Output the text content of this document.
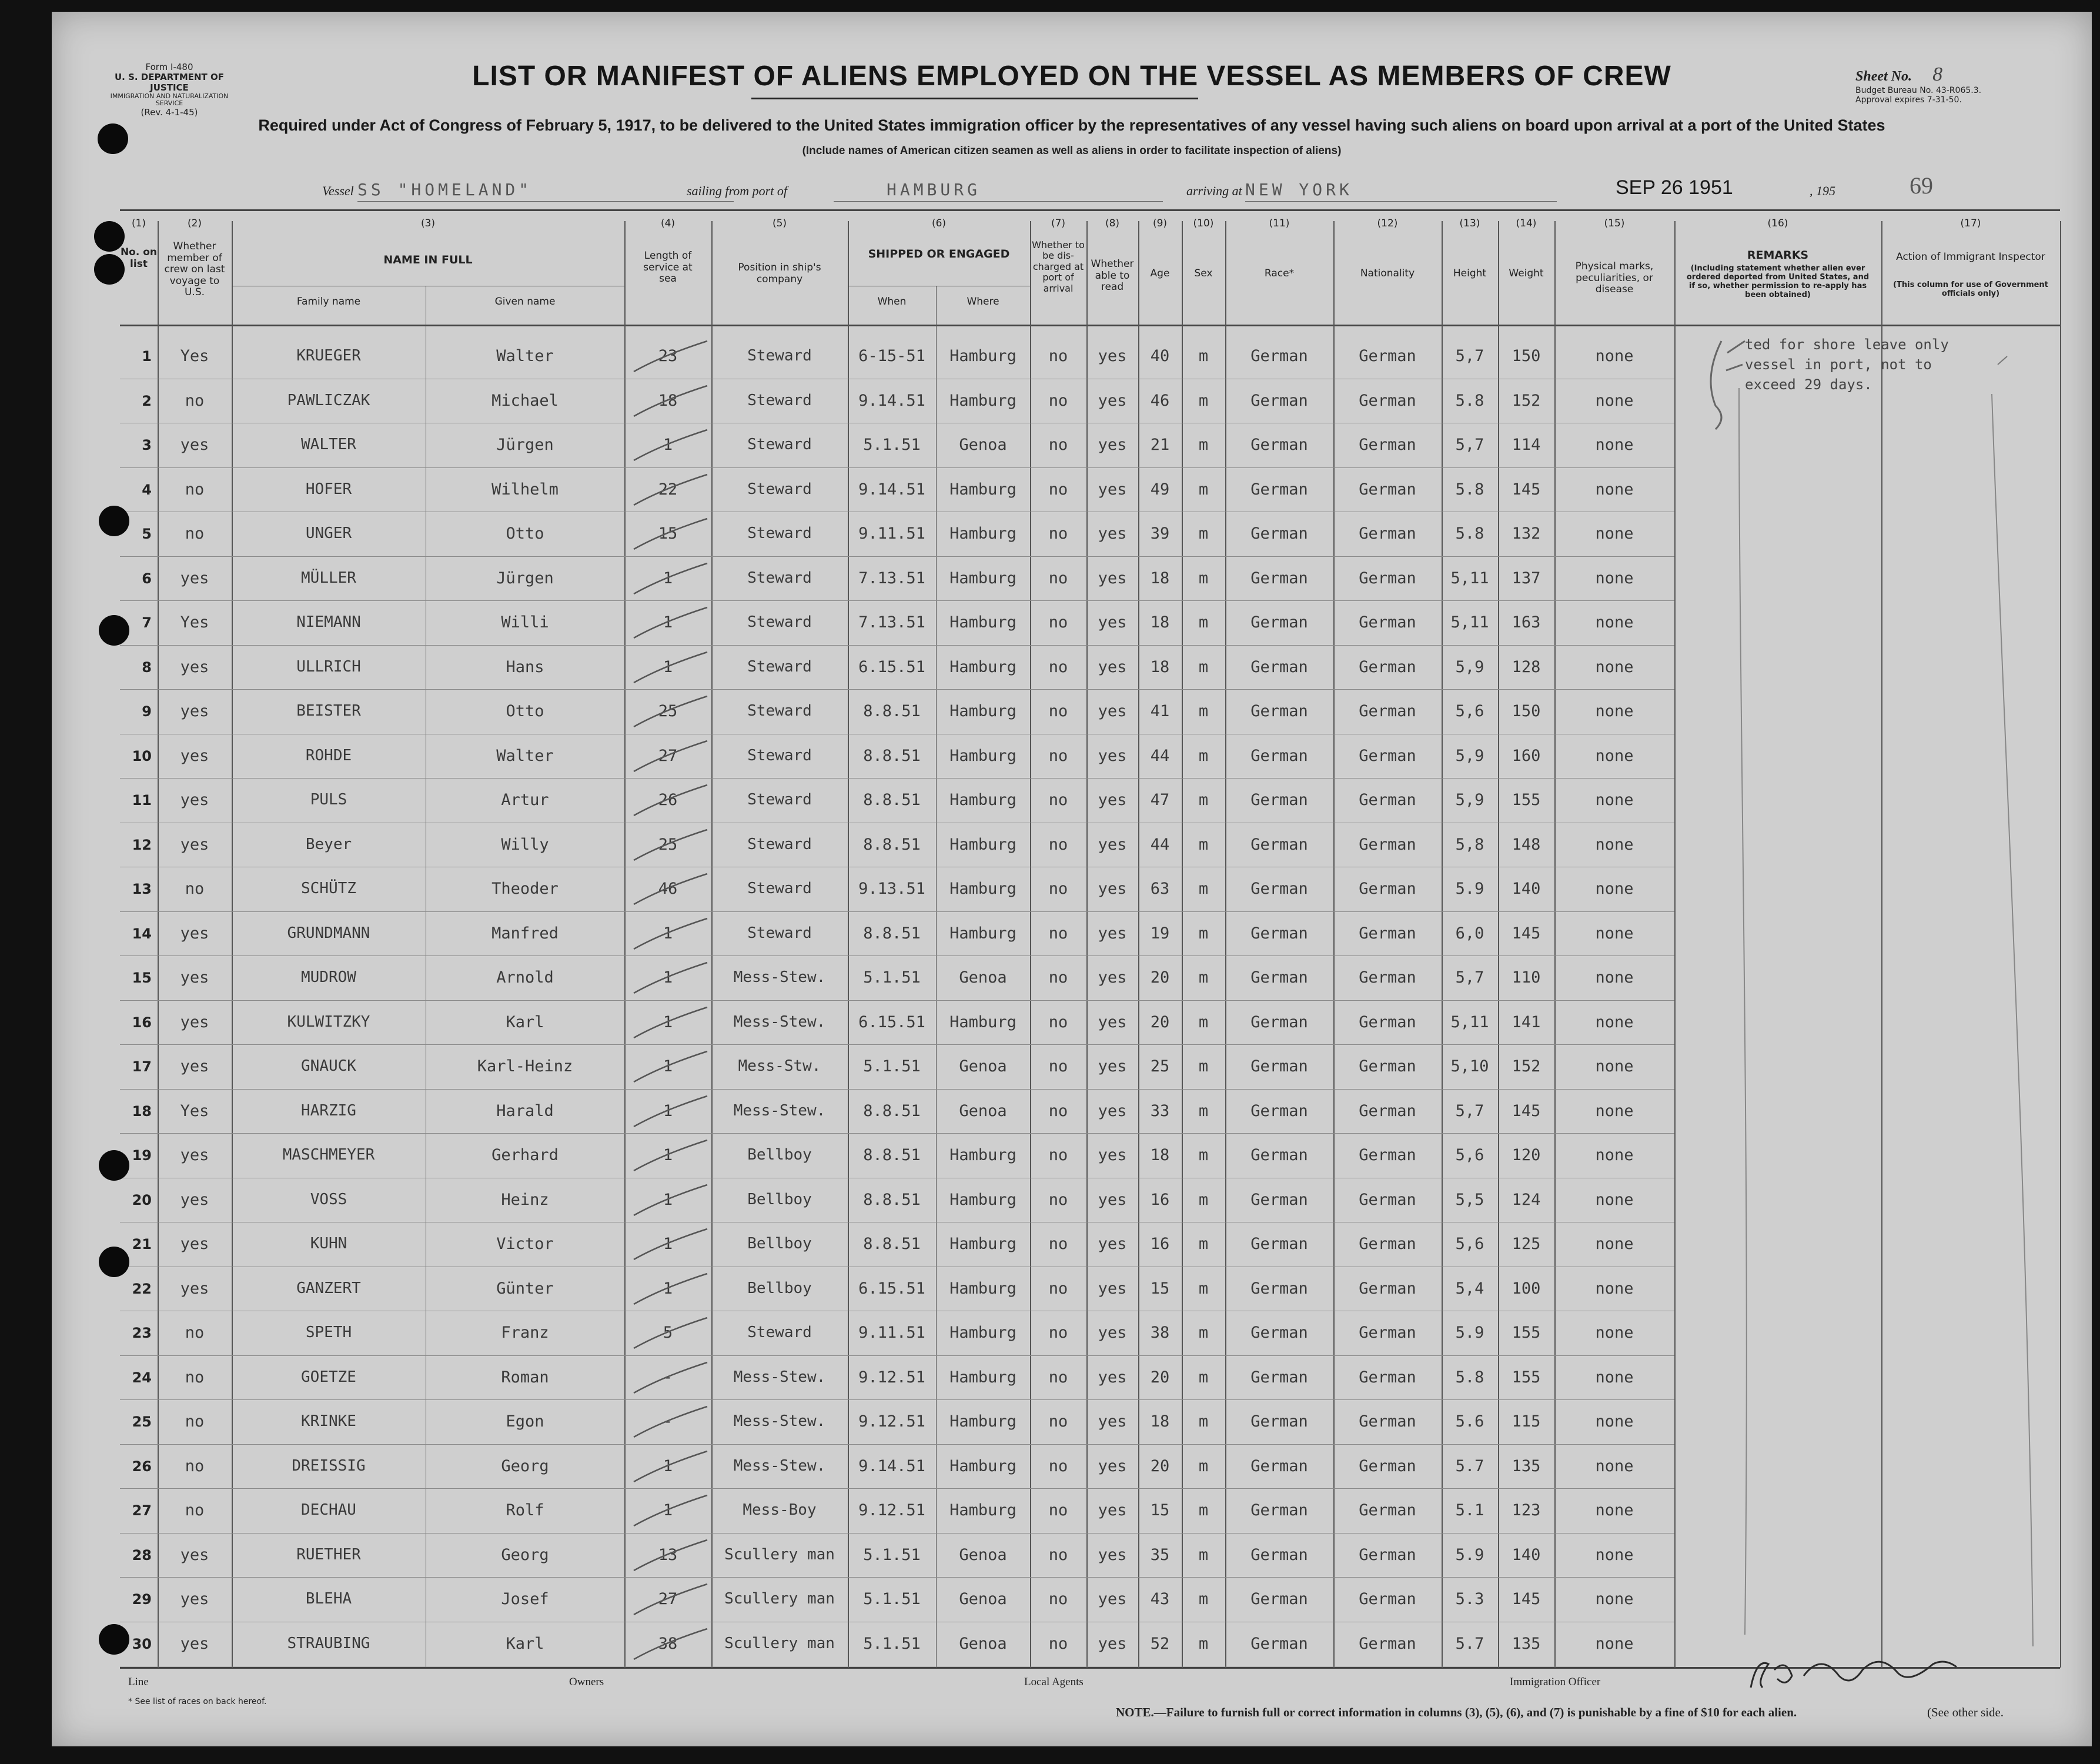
Form I-480
U. S. DEPARTMENT OF JUSTICE
IMMIGRATION AND NATURALIZATION SERVICE
(Rev. 4-1-45)
Sheet No. 8
Budget Bureau No. 43-R065.3.
Approval expires 7-31-50.
LIST OR MANIFEST OF ALIENS EMPLOYED ON THE VESSEL AS MEMBERS OF CREW
Required under Act of Congress of February 5, 1917, to be delivered to the United States immigration officer by the representatives of any vessel having such aliens on board upon arrival at a port of the United States
(Include names of American citizen seamen as well as aliens in order to facilitate inspection of aliens)
Vessel SS "HOMELAND"	sailing from port of	HAMBURG	arriving at NEW YORK	SEP 26 1951	, 195	69
(1)
No. on list
(2)
Whether member of crew on last voyage to U.S.
(3)
NAME IN FULL
Family name	Given name
(4)
Length of service at sea
(5)
Position in ship's company
(6)
SHIPPED OR ENGAGED
When	Where
(7)
Whether to be dis-charged at port of arrival
(8)
Whether able to read
(9)
Age
(10)
Sex
(11)
Race*
(12)
Nationality
(13)
Height
(14)
Weight
(15)
Physical marks, peculiarities, or disease
(16)
REMARKS
(Including statement whether alien ever ordered deported from United States, and if so, whether permission to re-apply has been obtained)
(17)
Action of Immigrant Inspector
(This column for use of Government officials only)
1	Yes	KRUEGER	Walter	23	Steward	6-15-51	Hamburg	no	yes	40	m	German	German	5,7	150	none
2	no	PAWLICZAK	Michael	18	Steward	9.14.51	Hamburg	no	yes	46	m	German	German	5.8	152	none
3	yes	WALTER	Jürgen	1	Steward	5.1.51	Genoa	no	yes	21	m	German	German	5,7	114	none
4	no	HOFER	Wilhelm	22	Steward	9.14.51	Hamburg	no	yes	49	m	German	German	5.8	145	none
5	no	UNGER	Otto	15	Steward	9.11.51	Hamburg	no	yes	39	m	German	German	5.8	132	none
6	yes	MÜLLER	Jürgen	1	Steward	7.13.51	Hamburg	no	yes	18	m	German	German	5,11	137	none
7	Yes	NIEMANN	Willi	1	Steward	7.13.51	Hamburg	no	yes	18	m	German	German	5,11	163	none
8	yes	ULLRICH	Hans	1	Steward	6.15.51	Hamburg	no	yes	18	m	German	German	5,9	128	none
9	yes	BEISTER	Otto	25	Steward	8.8.51	Hamburg	no	yes	41	m	German	German	5,6	150	none
10	yes	ROHDE	Walter	27	Steward	8.8.51	Hamburg	no	yes	44	m	German	German	5,9	160	none
11	yes	PULS	Artur	26	Steward	8.8.51	Hamburg	no	yes	47	m	German	German	5,9	155	none
12	yes	Beyer	Willy	25	Steward	8.8.51	Hamburg	no	yes	44	m	German	German	5,8	148	none
13	no	SCHÜTZ	Theoder	46	Steward	9.13.51	Hamburg	no	yes	63	m	German	German	5.9	140	none
14	yes	GRUNDMANN	Manfred	1	Steward	8.8.51	Hamburg	no	yes	19	m	German	German	6,0	145	none
15	yes	MUDROW	Arnold	1	Mess-Stew.	5.1.51	Genoa	no	yes	20	m	German	German	5,7	110	none
16	yes	KULWITZKY	Karl	1	Mess-Stew.	6.15.51	Hamburg	no	yes	20	m	German	German	5,11	141	none
17	yes	GNAUCK	Karl-Heinz	1	Mess-Stw.	5.1.51	Genoa	no	yes	25	m	German	German	5,10	152	none
18	Yes	HARZIG	Harald	1	Mess-Stew.	8.8.51	Genoa	no	yes	33	m	German	German	5,7	145	none
19	yes	MASCHMEYER	Gerhard	1	Bellboy	8.8.51	Hamburg	no	yes	18	m	German	German	5,6	120	none
20	yes	VOSS	Heinz	1	Bellboy	8.8.51	Hamburg	no	yes	16	m	German	German	5,5	124	none
21	yes	KUHN	Victor	1	Bellboy	8.8.51	Hamburg	no	yes	16	m	German	German	5,6	125	none
22	yes	GANZERT	Günter	1	Bellboy	6.15.51	Hamburg	no	yes	15	m	German	German	5,4	100	none
23	no	SPETH	Franz	5	Steward	9.11.51	Hamburg	no	yes	38	m	German	German	5.9	155	none
24	no	GOETZE	Roman	-	Mess-Stew.	9.12.51	Hamburg	no	yes	20	m	German	German	5.8	155	none
25	no	KRINKE	Egon	-	Mess-Stew.	9.12.51	Hamburg	no	yes	18	m	German	German	5.6	115	none
26	no	DREISSIG	Georg	1	Mess-Stew.	9.14.51	Hamburg	no	yes	20	m	German	German	5.7	135	none
27	no	DECHAU	Rolf	1	Mess-Boy	9.12.51	Hamburg	no	yes	15	m	German	German	5.1	123	none
28	yes	RUETHER	Georg	13	Scullery man	5.1.51	Genoa	no	yes	35	m	German	German	5.9	140	none
29	yes	BLEHA	Josef	27	Scullery man	5.1.51	Genoa	no	yes	43	m	German	German	5.3	145	none
30	yes	STRAUBING	Karl	38	Scullery man	5.1.51	Genoa	no	yes	52	m	German	German	5.7	135	none
ted for shore leave only
vessel in port, not to
exceed 29 days.
Line	Owners	Local Agents	Immigration Officer
* See list of races on back hereof.
NOTE.—Failure to furnish full or correct information in columns (3), (5), (6), and (7) is punishable by a fine of $10 for each alien.	(See other side.
